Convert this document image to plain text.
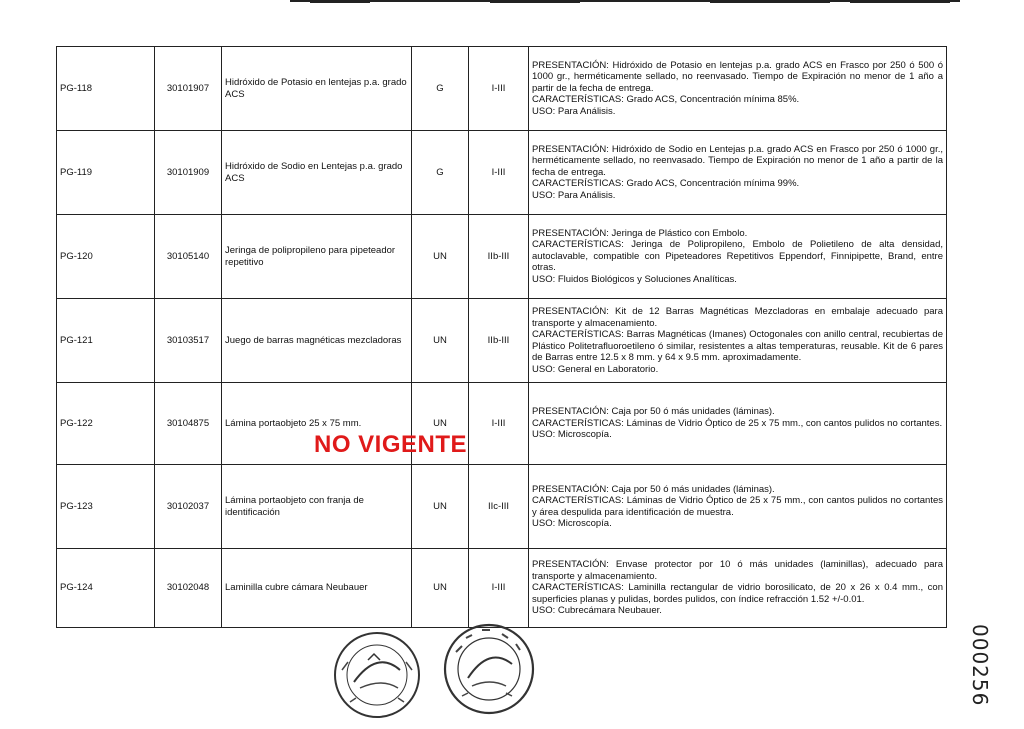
PG-118	30101907	Hidróxido de Potasio en lentejas p.a. grado ACS	G	I-III	PRESENTACIÓN: Hidróxido de Potasio en lentejas p.a. grado ACS en Frasco por 250 ó 500 ó 1000 gr., herméticamente sellado, no reenvasado. Tiempo de Expiración no menor de 1 año a partir de la fecha de entrega.
CARACTERÍSTICAS: Grado ACS, Concentración mínima 85%.
USO: Para Análisis.

PG-119	30101909	Hidróxido de Sodio en Lentejas p.a. grado ACS	G	I-III	PRESENTACIÓN: Hidróxido de Sodio en Lentejas p.a. grado ACS en Frasco por 250 ó 1000 gr., herméticamente sellado, no reenvasado. Tiempo de Expiración no menor de 1 año a partir de la fecha de entrega.
CARACTERÍSTICAS: Grado ACS, Concentración mínima 99%.
USO: Para Análisis.

PG-120	30105140	Jeringa de polipropileno para pipeteador repetitivo	UN	IIb-III	PRESENTACIÓN: Jeringa de Plástico con Embolo.
CARACTERÍSTICAS: Jeringa de Polipropileno, Embolo de Polietileno de alta densidad, autoclavable, compatible con Pipeteadores Repetitivos Eppendorf, Finnipipette, Brand, entre otras.
USO: Fluidos Biológicos y Soluciones Analíticas.

PG-121	30103517	Juego de barras magnéticas mezcladoras	UN	IIb-III	PRESENTACIÓN: Kit de 12 Barras Magnéticas Mezcladoras en embalaje adecuado para transporte y almacenamiento.
CARACTERÍSTICAS: Barras Magnéticas (Imanes) Octogonales con anillo central, recubiertas de Plástico Politetrafluoroetileno ó similar, resistentes a altas temperaturas, reusable. Kit de 6 pares de Barras entre 12.5 x 8 mm. y 64 x 9.5 mm. aproximadamente.
USO: General en Laboratorio.

PG-122	30104875	Lámina portaobjeto 25 x 75 mm.	UN	I-III	PRESENTACIÓN: Caja por 50 ó más unidades (láminas).
CARACTERÍSTICAS: Láminas de Vidrio Óptico de 25 x 75 mm., con cantos pulidos no cortantes.
USO: Microscopía.

PG-123	30102037	Lámina portaobjeto con franja de identificación	UN	IIc-III	PRESENTACIÓN: Caja por 50 ó más unidades (láminas).
CARACTERÍSTICAS: Láminas de Vidrio Óptico de 25 x 75 mm., con cantos pulidos no cortantes y área despulida para identificación de muestra.
USO: Microscopía.

PG-124	30102048	Laminilla cubre cámara Neubauer	UN	I-III	PRESENTACIÓN: Envase protector por 10 ó más unidades (laminillas), adecuado para transporte y almacenamiento.
CARACTERÍSTICAS: Laminilla rectangular de vidrio borosilicato, de 20 x 26 x 0.4 mm., con superficies planas y pulidas, bordes pulidos, con índice refracción 1.52 +/-0.01.
USO: Cubrecámara Neubauer.
NO VIGENTE
000256
